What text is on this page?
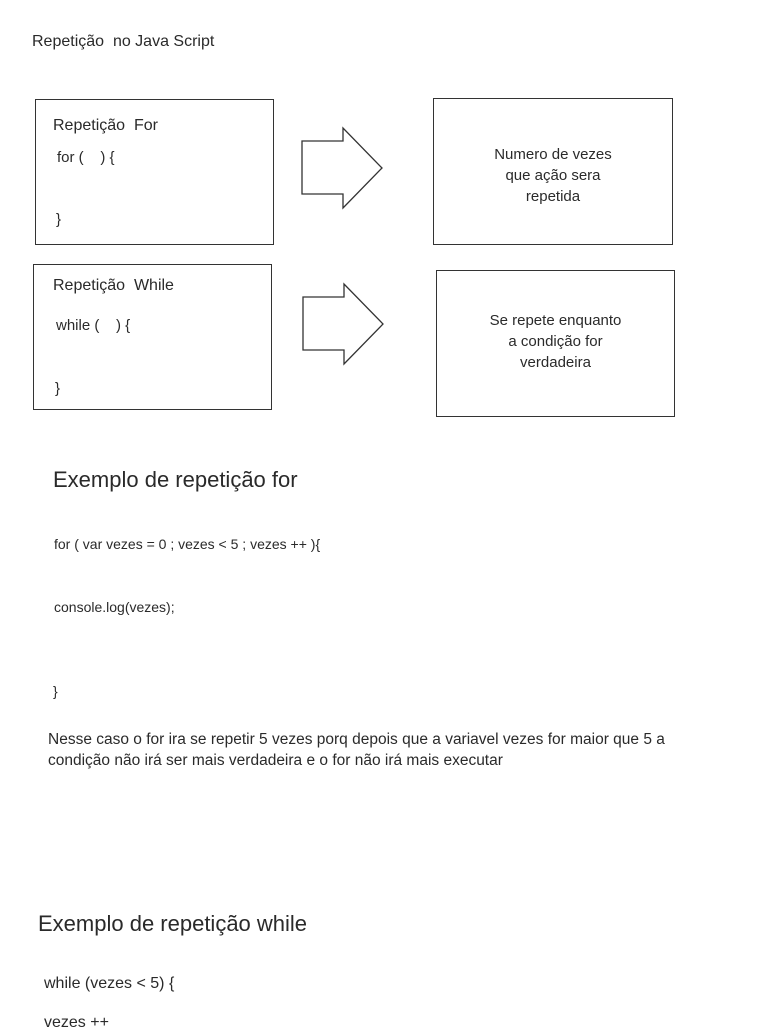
Repetição  no Java Script
Repetição  For
for (    ) {
}
Numero de vezes
que ação sera
repetida
Repetição  While
while (    ) {
}
Se repete enquanto
a condição for
verdadeira
Exemplo de repetição for
for ( var vezes = 0 ; vezes < 5 ; vezes ++ ){
console.log(vezes);
}
Nesse caso o for ira se repetir 5 vezes porq depois que a variavel vezes for maior que 5 a condição não irá ser mais verdadeira e o for não irá mais executar
Exemplo de repetição while
while (vezes < 5) {
vezes ++
